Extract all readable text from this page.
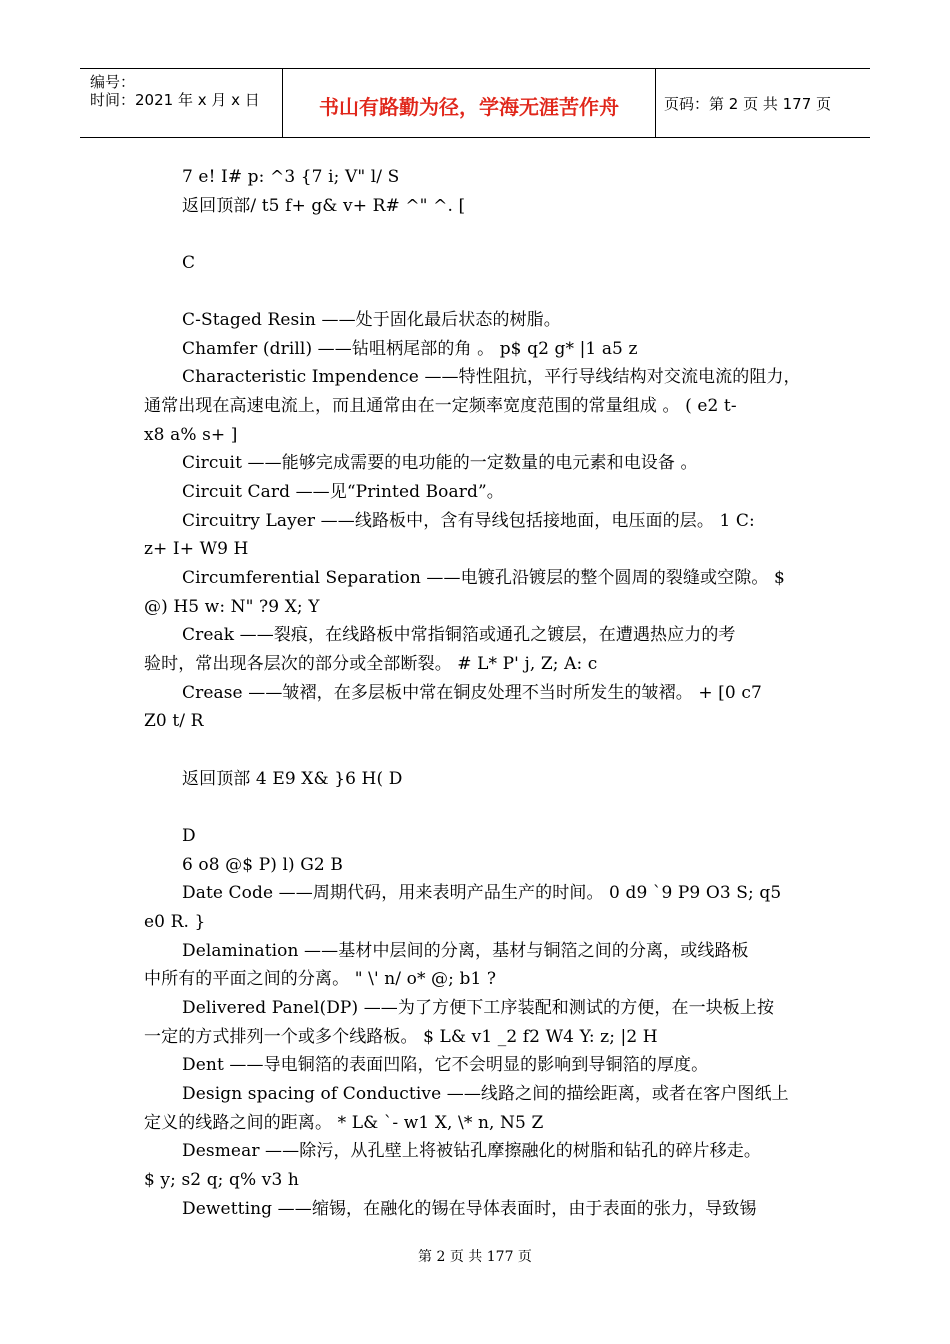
编号：
时间：2021 年 x 月 x 日	书山有路勤为径，学海无涯苦作舟	页码：第 2 页 共 177 页
7 e! I# p: ^3 {7 i; V" l/ S
返回顶部/ t5 f+ g& v+ R# ^" ^. [
C
C-Staged Resin ——处于固化最后状态的树脂。
Chamfer (drill) ——钻咀柄尾部的角 。 p$ q2 g* |1 a5 z
Characteristic Impendence ——特性阻抗，平行导线结构对交流电流的阻力，
通常出现在高速电流上，而且通常由在一定频率宽度范围的常量组成 。 ( e2 t-
x8 a% s+ ]
Circuit ——能够完成需要的电功能的一定数量的电元素和电设备 。
Circuit Card ——见“Printed Board”。
Circuitry Layer ——线路板中，含有导线包括接地面，电压面的层。 1 C:
z+ I+ W9 H
Circumferential Separation ——电镀孔沿镀层的整个圆周的裂缝或空隙。 $
@) H5 w: N" ?9 X; Y
Creak ——裂痕，在线路板中常指铜箔或通孔之镀层，在遭遇热应力的考
验时，常出现各层次的部分或全部断裂。 # L* P' j, Z; A: c
Crease ——皱褶，在多层板中常在铜皮处理不当时所发生的皱褶。 + [0 c7
Z0 t/ R
返回顶部 4 E9 X& }6 H( D
D
6 o8 @$ P) l) G2 B
Date Code ——周期代码，用来表明产品生产的时间。 0 d9 `9 P9 O3 S; q5
e0 R. }
Delamination ——基材中层间的分离，基材与铜箔之间的分离，或线路板
中所有的平面之间的分离。 " \' n/ o* @; b1 ?
Delivered Panel(DP) ——为了方便下工序装配和测试的方便，在一块板上按
一定的方式排列一个或多个线路板。 $ L& v1 _2 f2 W4 Y: z; |2 H
Dent ——导电铜箔的表面凹陷，它不会明显的影响到导铜箔的厚度。
Design spacing of Conductive ——线路之间的描绘距离，或者在客户图纸上
定义的线路之间的距离。 * L& `- w1 X, \* n, N5 Z
Desmear ——除污，从孔壁上将被钻孔摩擦融化的树脂和钻孔的碎片移走。
$ y; s2 q; q% v3 h
Dewetting ——缩锡，在融化的锡在导体表面时，由于表面的张力，导致锡
第 2 页 共 177 页
